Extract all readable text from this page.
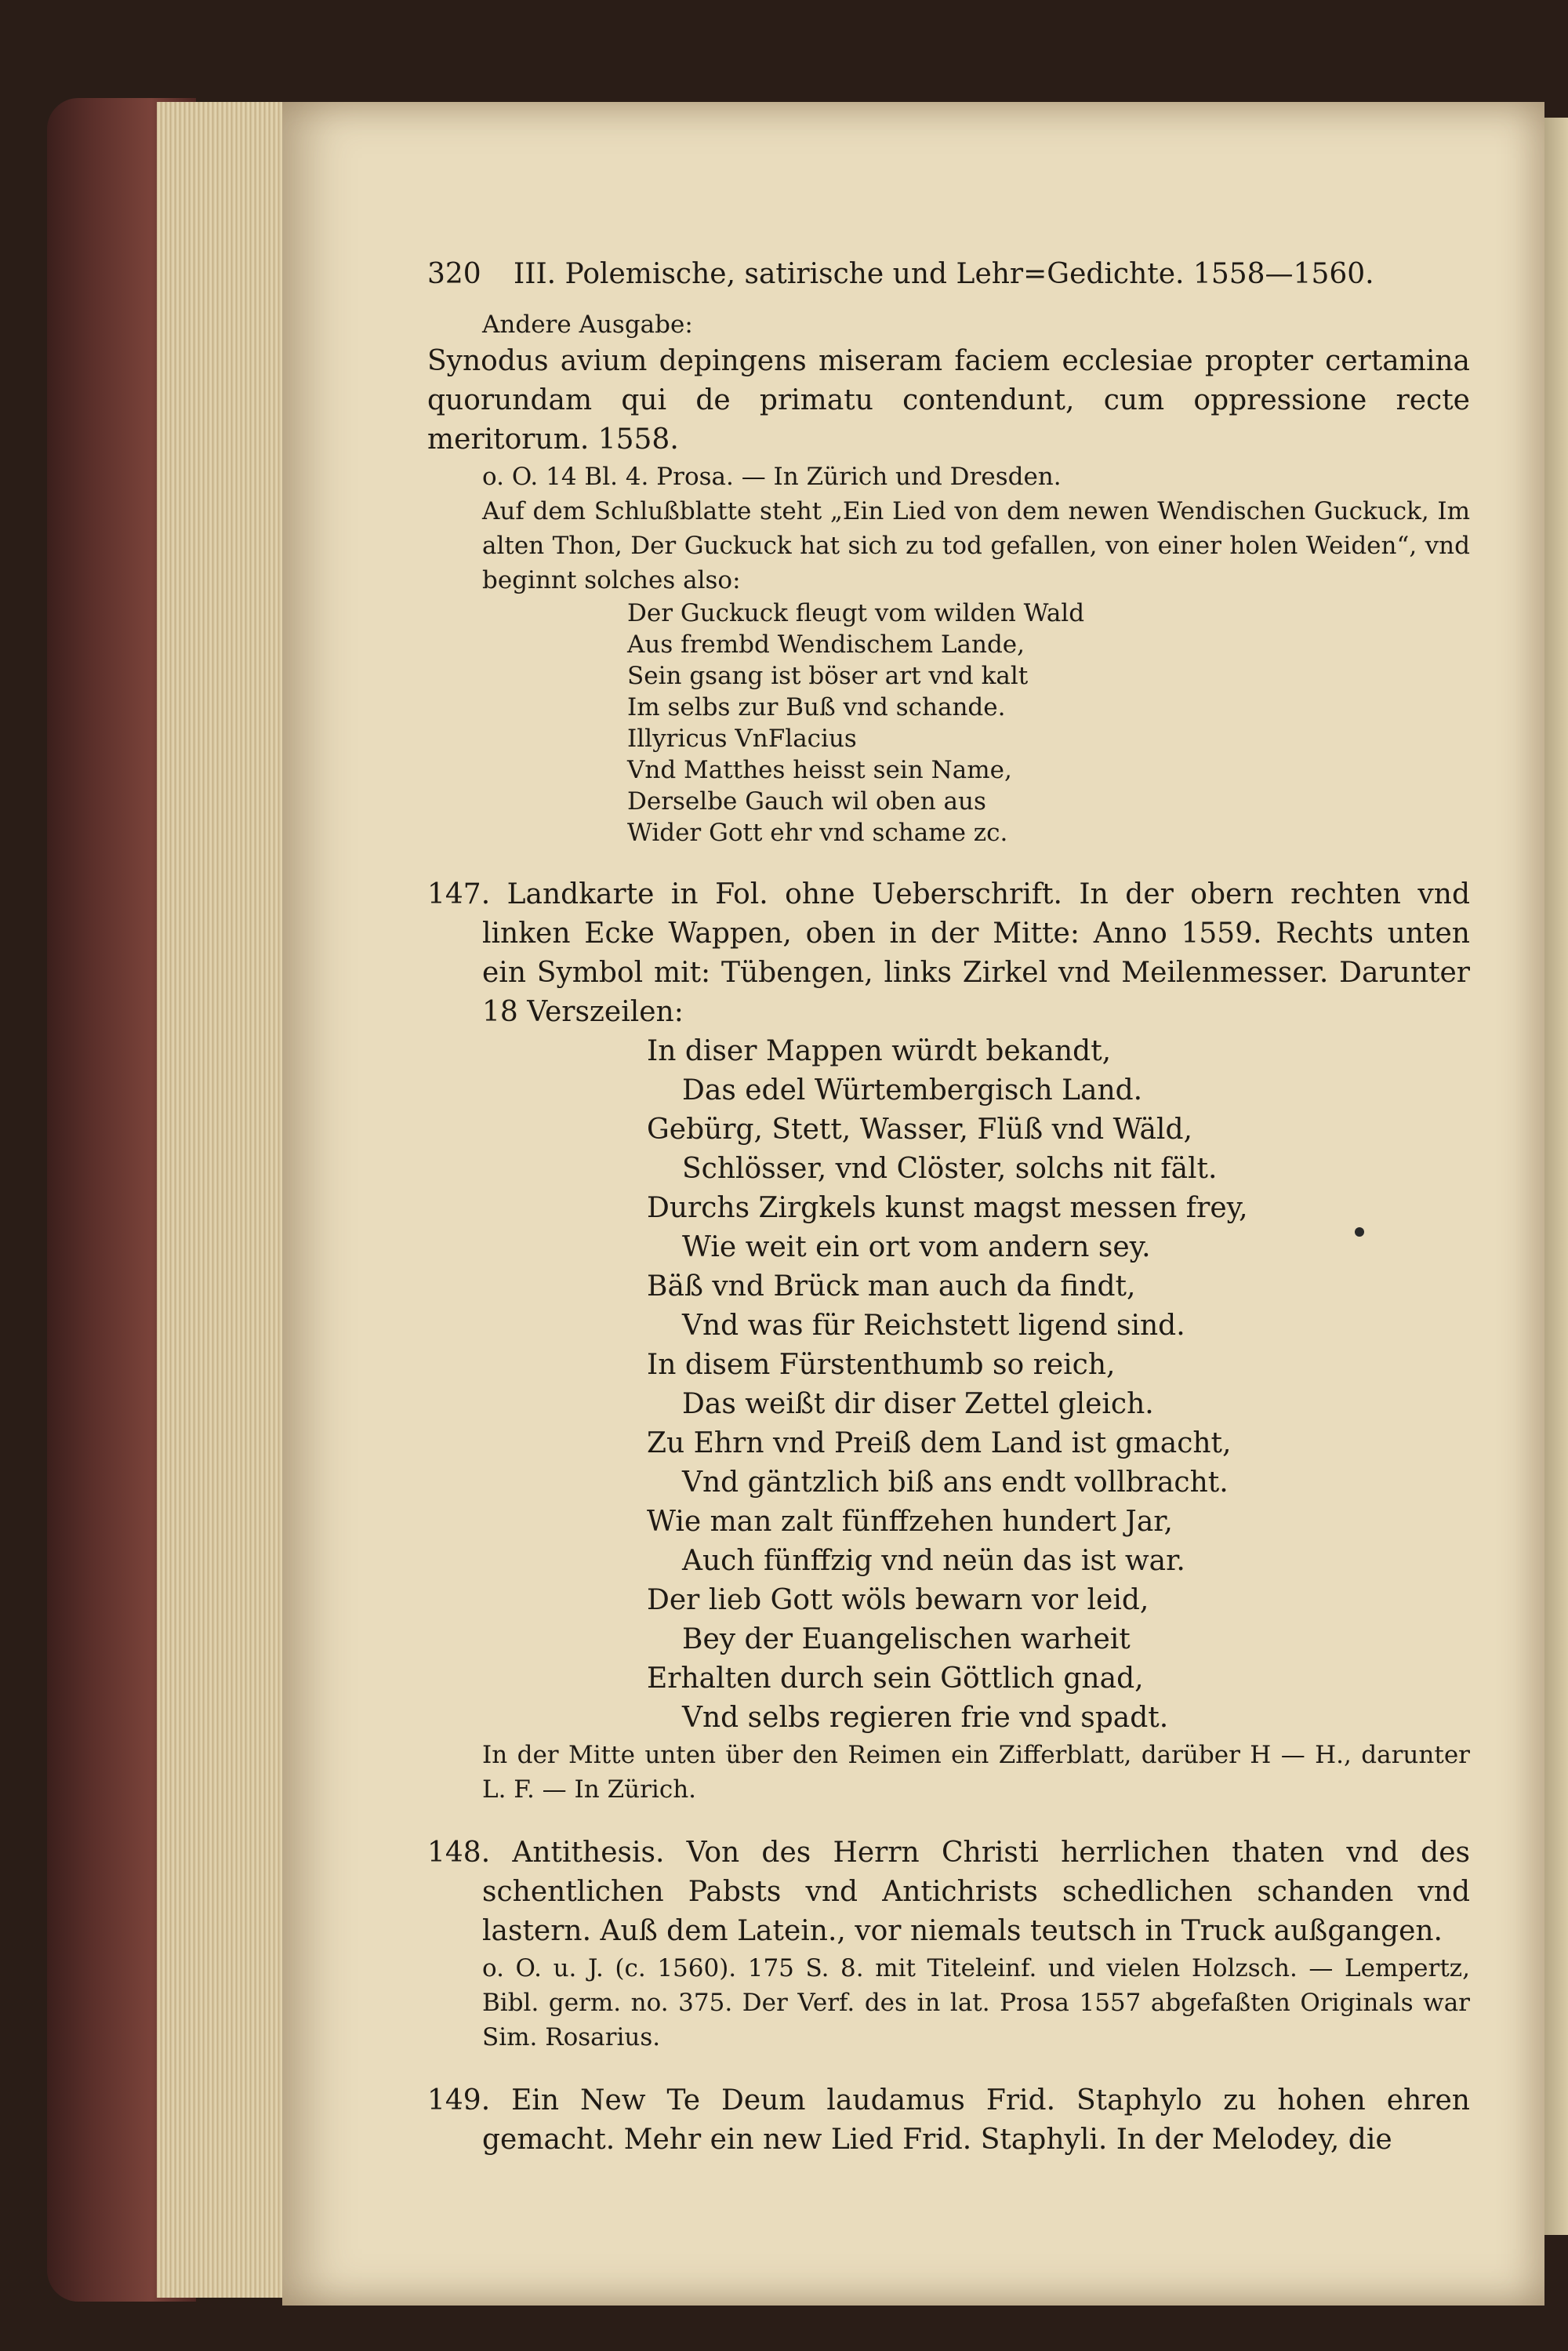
320	III. Polemische, satirische und Lehr=Gedichte. 1558—1560.

Andere Ausgabe:

Synodus avium depingens miseram faciem ecclesiae propter certamina quorundam qui de primatu contendunt, cum oppressione recte meritorum. 1558.

o. O. 14 Bl. 4. Prosa. — In Zürich und Dresden.

Auf dem Schlußblatte steht „Ein Lied von dem newen Wendischen Guckuck, Im alten Thon, Der Guckuck hat sich zu tod gefallen, von einer holen Weiden“, vnd beginnt solches also:

Der Guckuck fleugt vom wilden Wald
Aus frembd Wendischem Lande,
Sein gsang ist böser art vnd kalt
Im selbs zur Buß vnd schande.
Illyricus VnFlacius
Vnd Matthes heisst sein Name,
Derselbe Gauch wil oben aus
Wider Gott ehr vnd schame zc.

147. Landkarte in Fol. ohne Ueberschrift. In der obern rechten vnd linken Ecke Wappen, oben in der Mitte: Anno 1559. Rechts unten ein Symbol mit: Tübengen, links Zirkel vnd Meilenmesser. Darunter 18 Verszeilen:

In diser Mappen würdt bekandt,
Das edel Würtembergisch Land.
Gebürg, Stett, Wasser, Flüß vnd Wäld,
Schlösser, vnd Clöster, solchs nit fält.
Durchs Zirgkels kunst magst messen frey,
Wie weit ein ort vom andern sey.
Bäß vnd Brück man auch da findt,
Vnd was für Reichstett ligend sind.
In disem Fürstenthumb so reich,
Das weißt dir diser Zettel gleich.
Zu Ehrn vnd Preiß dem Land ist gmacht,
Vnd gäntzlich biß ans endt vollbracht.
Wie man zalt fünffzehen hundert Jar,
Auch fünffzig vnd neün das ist war.
Der lieb Gott wöls bewarn vor leid,
Bey der Euangelischen warheit
Erhalten durch sein Göttlich gnad,
Vnd selbs regieren frie vnd spadt.

In der Mitte unten über den Reimen ein Zifferblatt, darüber H — H., darunter L. F. — In Zürich.

148. Antithesis. Von des Herrn Christi herrlichen thaten vnd des schentlichen Pabsts vnd Antichrists schedlichen schanden vnd lastern. Auß dem Latein., vor niemals teutsch in Truck außgangen.

o. O. u. J. (c. 1560). 175 S. 8. mit Titeleinf. und vielen Holzsch. — Lempertz, Bibl. germ. no. 375. Der Verf. des in lat. Prosa 1557 abgefaßten Originals war Sim. Rosarius.

149. Ein New Te Deum laudamus Frid. Staphylo zu hohen ehren gemacht. Mehr ein new Lied Frid. Staphyli. In der Melodey, die
